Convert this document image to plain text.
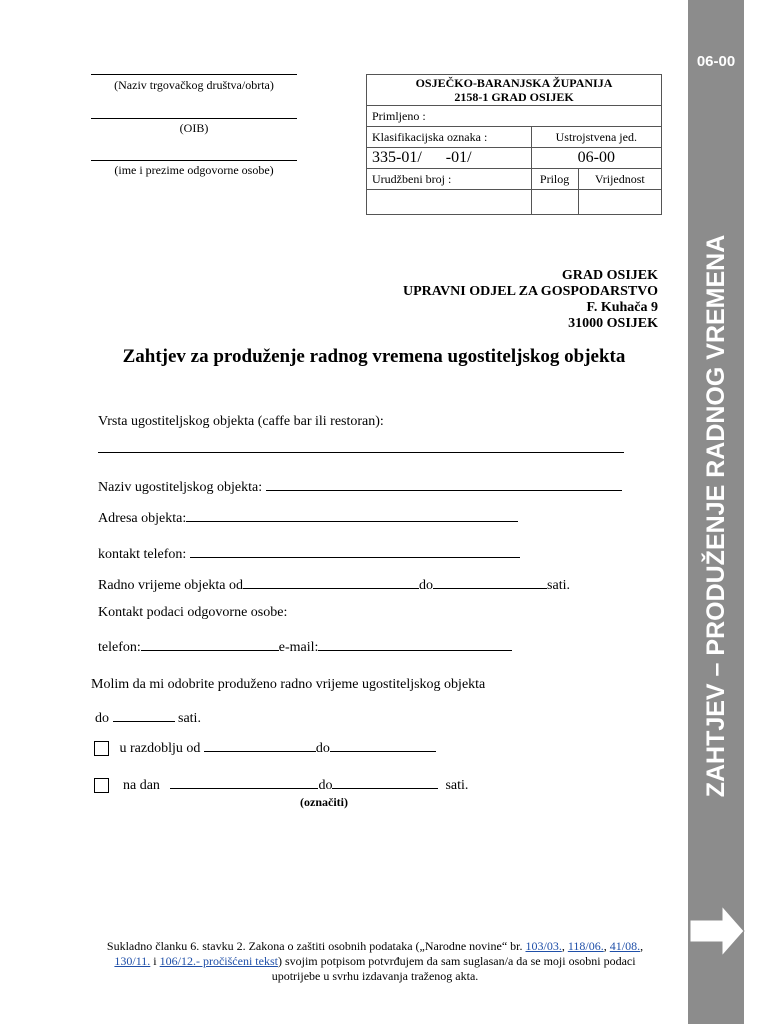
06-00
ZAHTJEV – PRODUŽENJE RADNOG VREMENA
(Naziv trgovačkog društva/obrta)
(OIB)
(ime i prezime odgovorne osobe)
OSJEČKO-BARANJSKA ŽUPANIJA
2158-1 GRAD OSIJEK		

Primljeno :		
Klasifikacijska oznaka :	Ustrojstvena jed.	
335-01/      -01/	06-00	
Urudžbeni broj :	Prilog	Vrijednost

GRAD OSIJEK
UPRAVNI ODJEL ZA GOSPODARSTVO
F. Kuhača 9
31000 OSIJEK
Zahtjev za produženje radnog vremena ugostiteljskog objekta
Vrsta ugostiteljskog objekta (caffe bar ili restoran):
Naziv ugostiteljskog objekta:
Adresa objekta:
kontakt telefon:
Radno vrijeme objekta od	do	sati.
Kontakt podaci odgovorne osobe:
telefon:	e-mail:
Molim da mi odobrite produženo radno vrijeme ugostiteljskog objekta
do	sati.
u razdoblju od	do
na dan	do	sati.
(označiti)
Sukladno članku 6. stavku 2. Zakona o zaštiti osobnih podataka („Narodne novine“ br. 103/03., 118/06., 41/08., 130/11. i 106/12.- pročišćeni tekst) svojim potpisom potvrđujem da sam suglasan/a da se moji osobni podaci upotrijebe u svrhu izdavanja traženog akta.
